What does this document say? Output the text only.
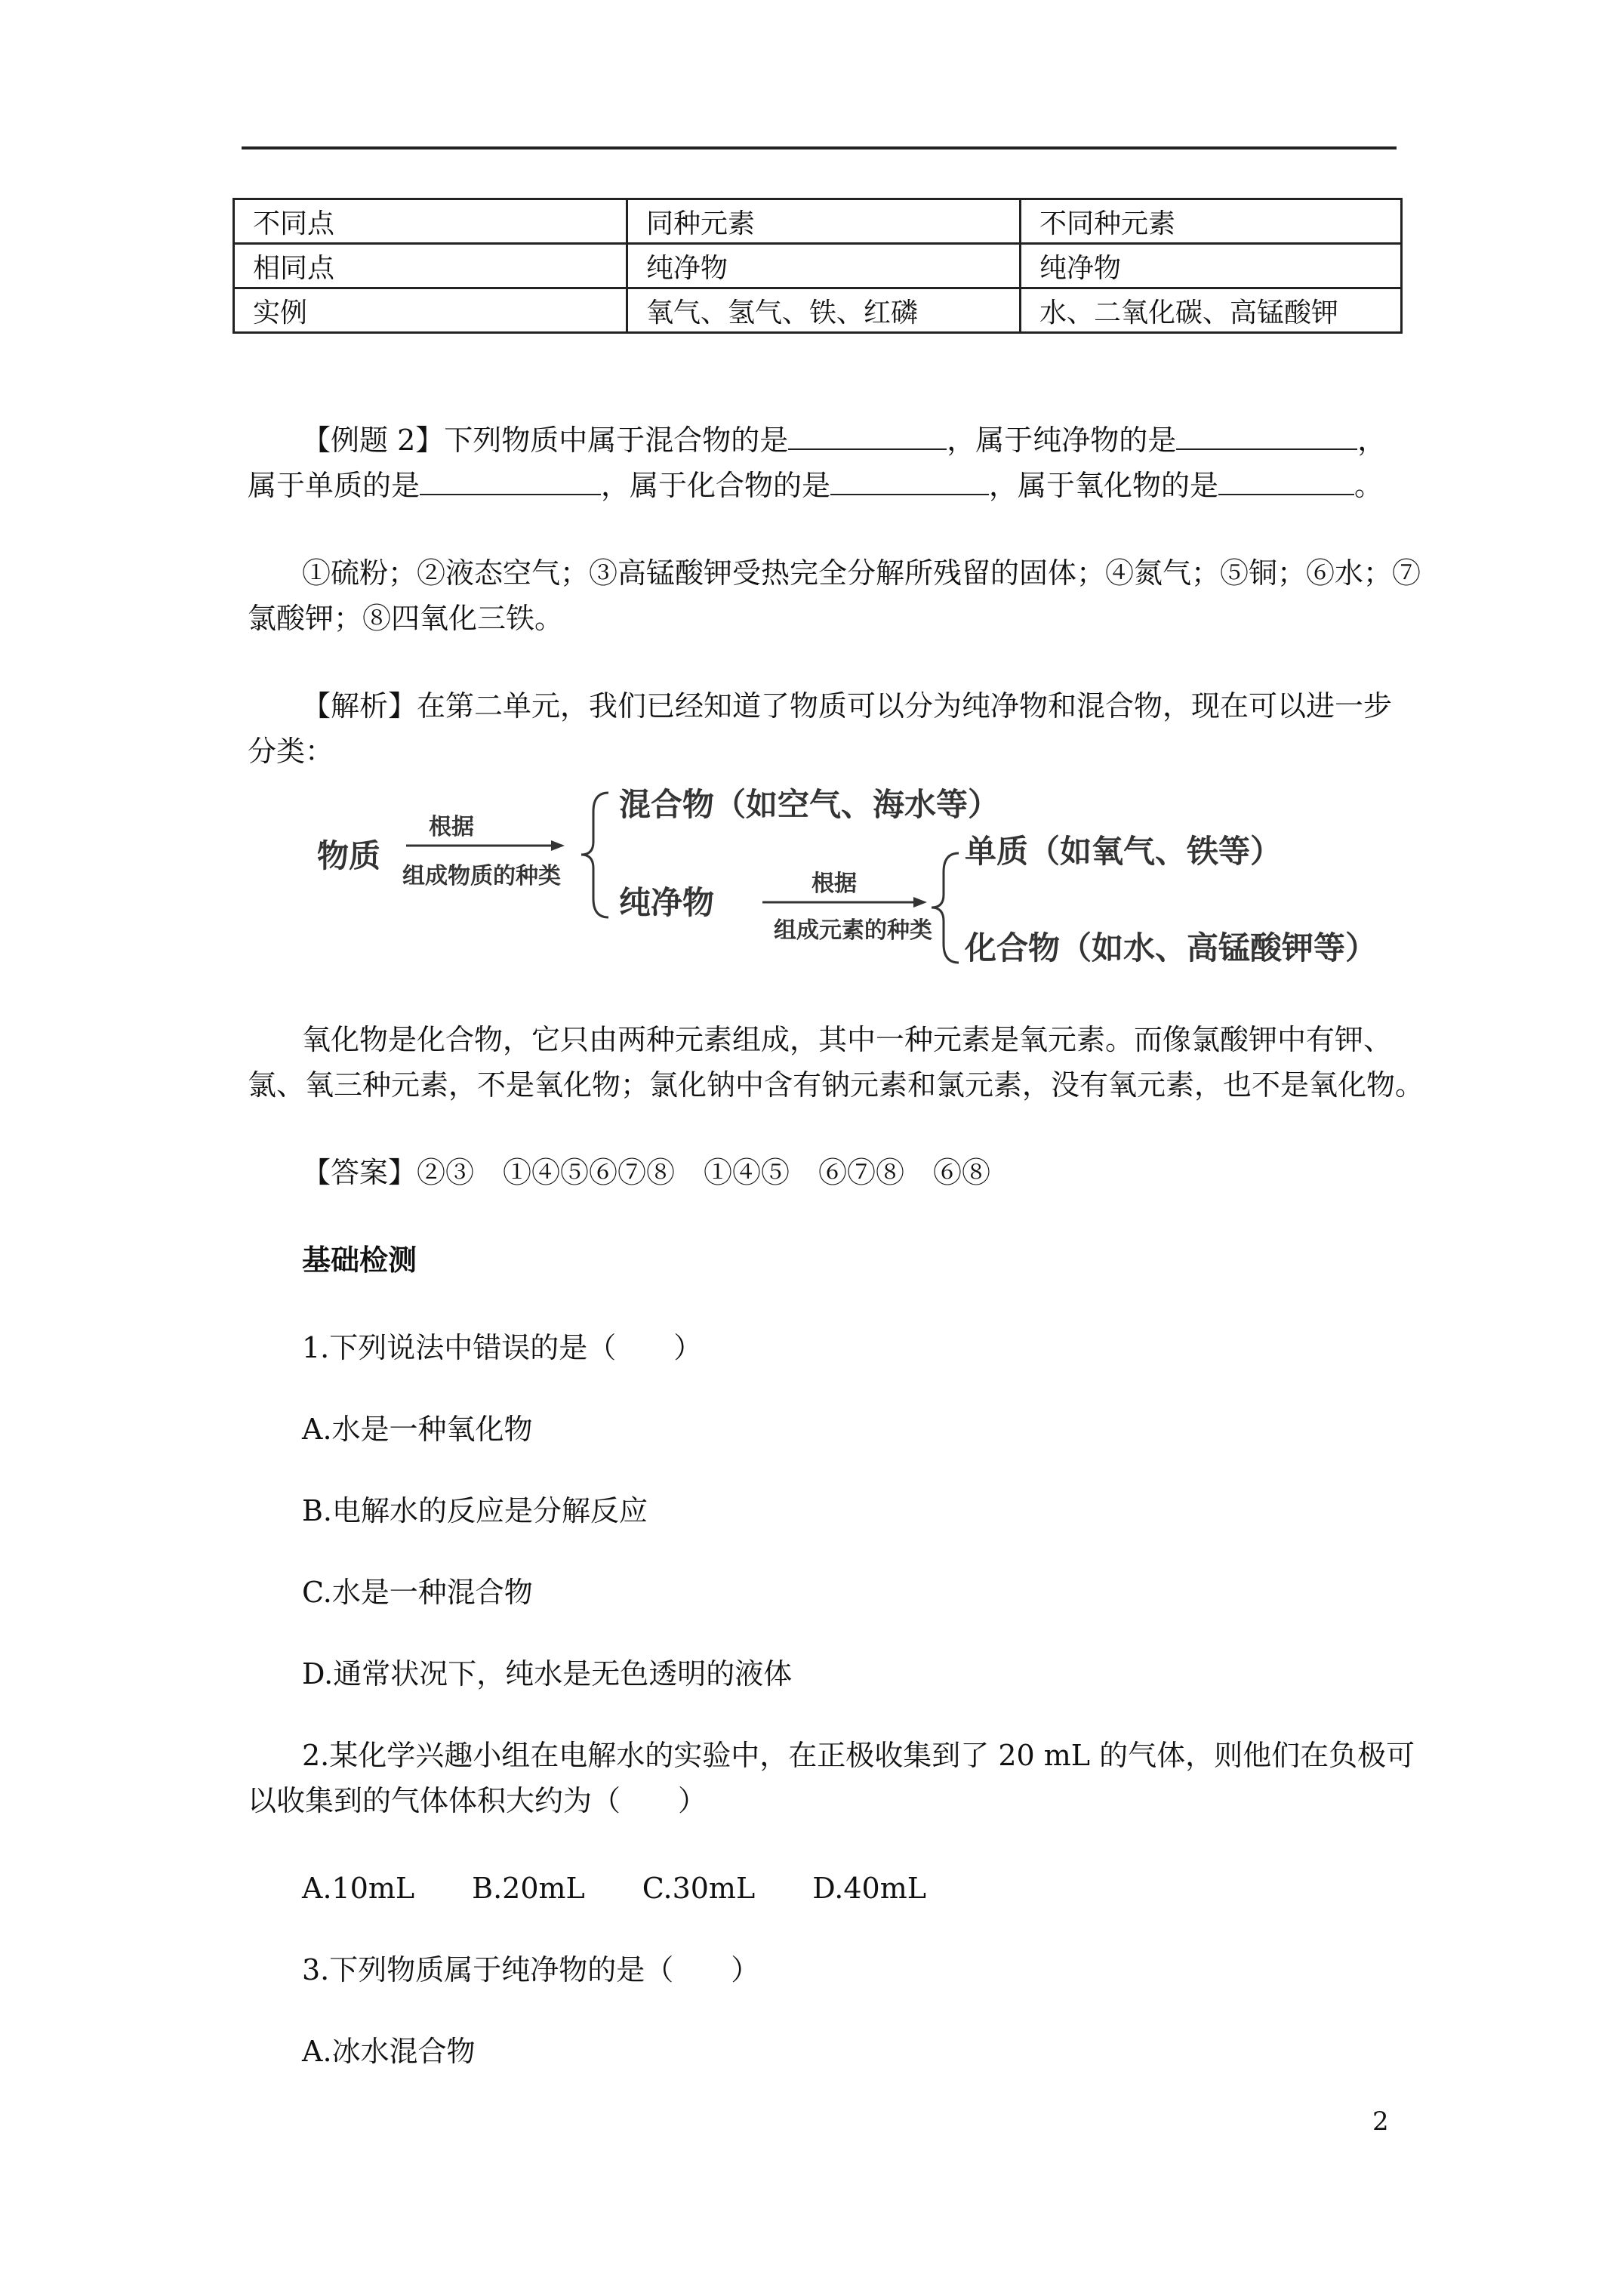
不同点	同种元素	不同种元素
相同点	纯净物	纯净物
实例	氧气、氢气、铁、红磷	水、二氧化碳、高锰酸钾
【例题 2】下列物质中属于混合物的是	，属于纯净物的是	，
属于单质的是	，属于化合物的是	，属于氧化物的是	。
①硫粉；②液态空气；③高锰酸钾受热完全分解所残留的固体；④氮气；⑤铜；⑥水；⑦
氯酸钾；⑧四氧化三铁。
【解析】在第二单元，我们已经知道了物质可以分为纯净物和混合物，现在可以进一步
分类：
物质
根据
组成物质的种类
混合物（如空气、海水等）
纯净物
根据
组成元素的种类
单质（如氧气、铁等）
化合物（如水、高锰酸钾等）
氧化物是化合物，它只由两种元素组成，其中一种元素是氧元素。而像氯酸钾中有钾、
氯、氧三种元素，不是氧化物；氯化钠中含有钠元素和氯元素，没有氧元素，也不是氧化物。
【答案】②③　①④⑤⑥⑦⑧　①④⑤　⑥⑦⑧　⑥⑧
基础检测
1.下列说法中错误的是（　　）
A.水是一种氧化物
B.电解水的反应是分解反应
C.水是一种混合物
D.通常状况下，纯水是无色透明的液体
2.某化学兴趣小组在电解水的实验中，在正极收集到了 20 mL 的气体，则他们在负极可
以收集到的气体体积大约为（　　）
A.10mL　　B.20mL　　C.30mL　　D.40mL
3.下列物质属于纯净物的是（　　）
A.冰水混合物
2
